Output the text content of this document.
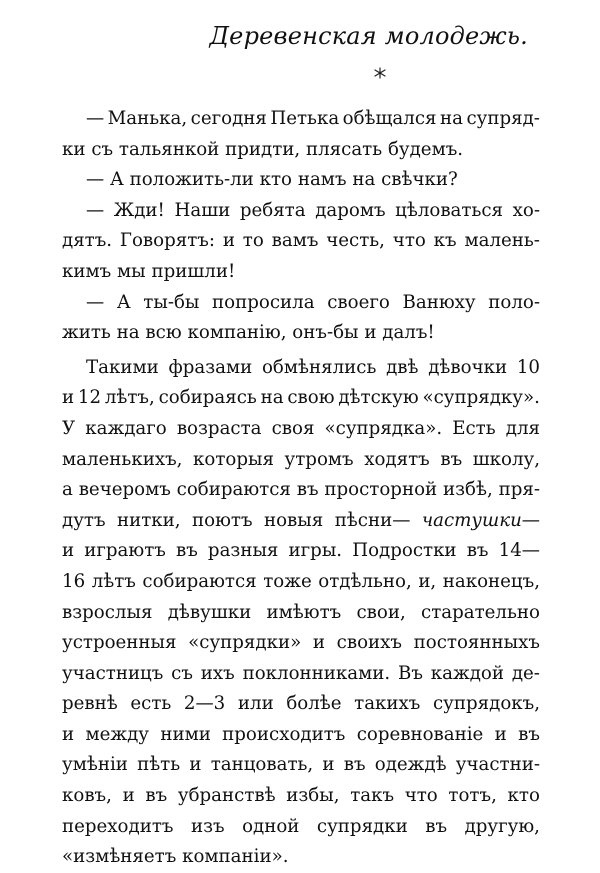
Деревенская молодежь.
— Манька, сегодня Петька обѣщался на супряд-
ки съ тальянкой придти, плясать будемъ.
— А положить-ли кто намъ на свѣчки?
— Жди! Наши ребята даромъ цѣловаться хо-
дятъ. Говорятъ: и то вамъ честь, что къ малень-
кимъ мы пришли!
— А ты-бы попросила своего Ванюху поло-
жить на всю компанію, онъ-бы и далъ!
Такими фразами обмѣнялись двѣ дѣвочки 10
и 12 лѣтъ, собираясь на свою дѣтскую «супрядку».
У каждаго возраста своя «супрядка». Есть для
маленькихъ, которыя утромъ ходятъ въ школу,
а вечеромъ собираются въ просторной избѣ, пря-
дутъ нитки, поютъ новыя пѣсни— частушки—
и играютъ въ разныя игры. Подростки въ 14—
16 лѣтъ собираются тоже отдѣльно, и, наконецъ,
взрослыя дѣвушки имѣютъ свои, старательно
устроенныя «супрядки» и своихъ постоянныхъ
участницъ съ ихъ поклонниками. Въ каждой де-
ревнѣ есть 2—3 или болѣе такихъ супрядокъ,
и между ними происходитъ соревнованіе и въ
умѣніи пѣть и танцовать, и въ одеждѣ участни-
ковъ, и въ убранствѣ избы, такъ что тотъ, кто
переходитъ изъ одной супрядки въ другую,
«измѣняетъ компаніи».
